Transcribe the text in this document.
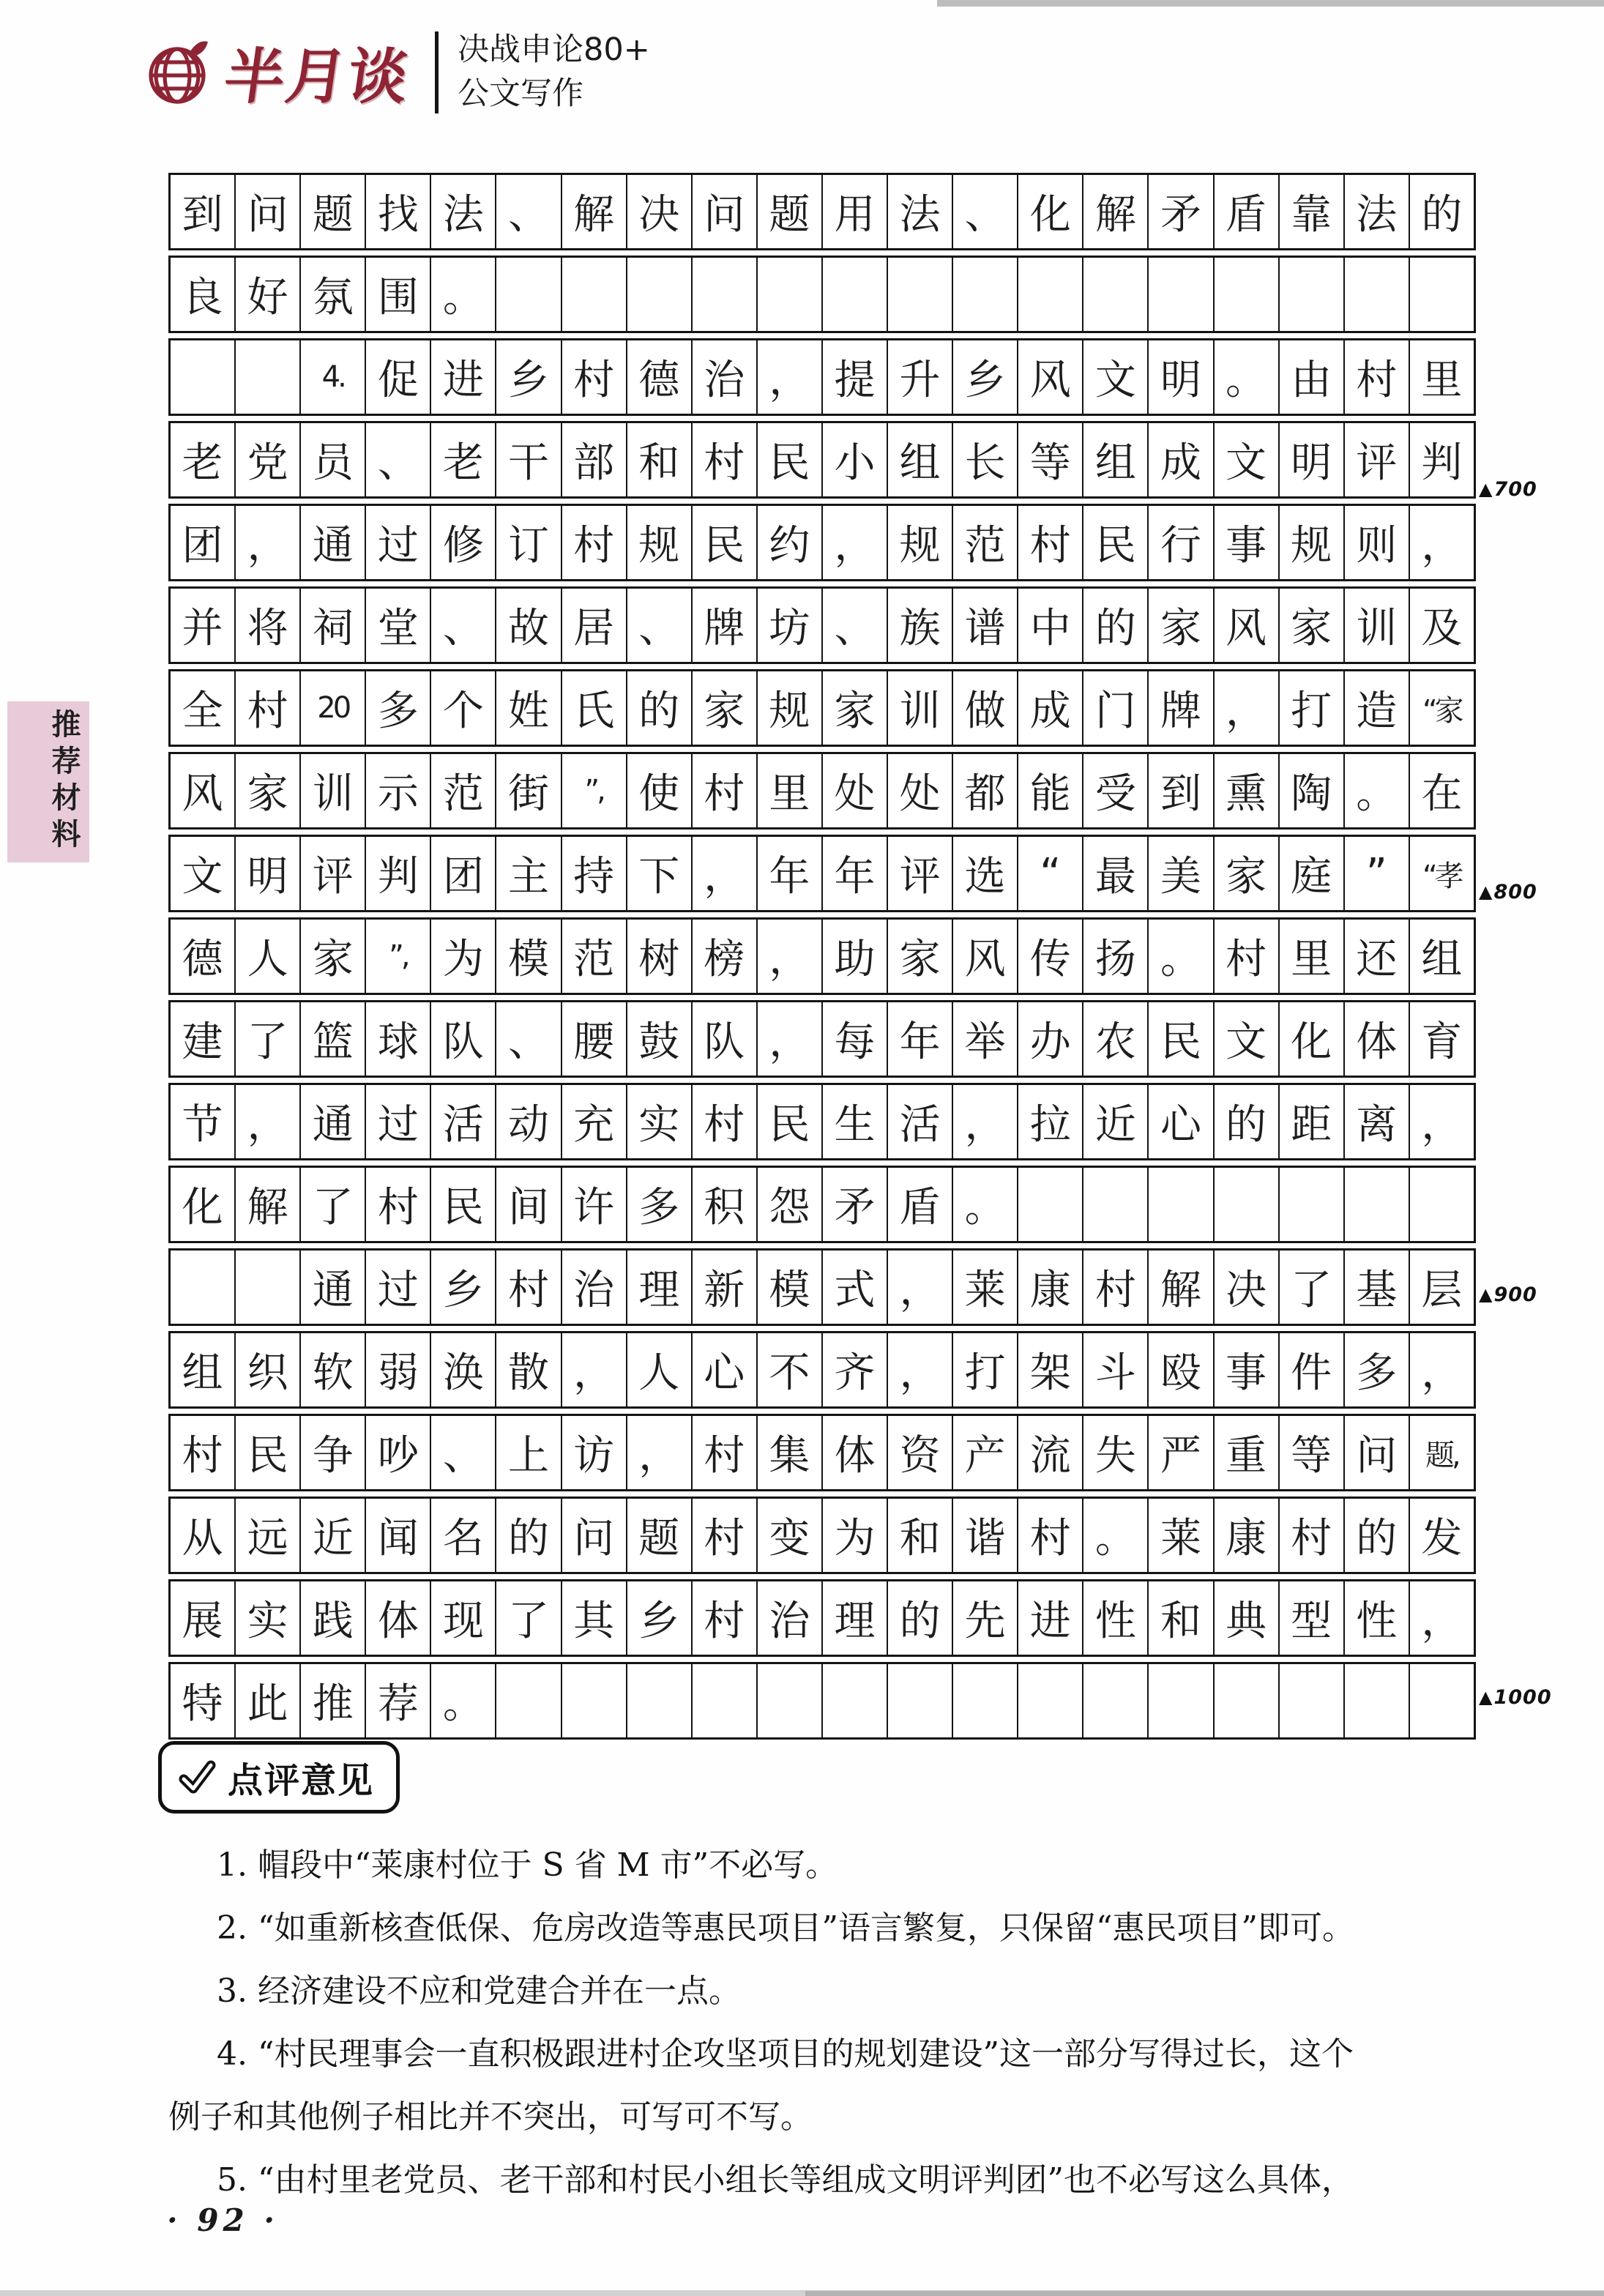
半月谈 决战申论80+
公文写作
推荐材料
到 问 题 找 法 、 解 决 问 题 用 法 、 化 解 矛 盾 靠 法 的
良 好 氛 围 。
4. 促 进 乡 村 德 治 ， 提 升 乡 风 文 明 。 由 村 里
老 党 员 、 老 干 部 和 村 民 小 组 长 等 组 成 文 明 评 判
团 ， 通 过 修 订 村 规 民 约 ， 规 范 村 民 行 事 规 则 ，
并 将 祠 堂 、 故 居 、 牌 坊 、 族 谱 中 的 家 风 家 训 及
全 村 20 多 个 姓 氏 的 家 规 家 训 做 成 门 牌 ， 打 造 “家
风 家 训 示 范 街	”, 使 村 里 处 处 都 能 受 到 熏 陶 。 在
文 明 评 判 团 主 持 下 ， 年 年 评 选 “ 最 美 家 庭 ”	“孝
德 人 家	”, 为 模 范 树 榜 ， 助 家 风 传 扬 。 村 里 还 组
建 了 篮 球 队 、 腰 鼓 队 ， 每 年 举 办 农 民 文 化 体 育
节 ， 通 过 活 动 充 实 村 民 生 活 ， 拉 近 心 的 距 离 ，
化 解 了 村 民 间 许 多 积 怨 矛 盾 。
通 过 乡 村 治 理 新 模 式 ， 莱 康 村 解 决 了 基 层
组 织 软 弱 涣 散 ， 人 心 不 齐 ， 打 架 斗 殴 事 件 多 ，
村 民 争 吵 、 上 访 ， 村 集 体 资 产 流 失 严 重 等 问 题,
从 远 近 闻 名 的 问 题 村 变 为 和 谐 村 。 莱 康 村 的 发
展 实 践 体 现 了 其 乡 村 治 理 的 先 进 性 和 典 型 性 ，
特 此 推 荐 。
▲ 700
▲ 800
▲ 900
▲ 1000
点评意见
1. 帽段中“莱康村位于 S 省 M 市”不必写。
2. “如重新核查低保、危房改造等惠民项目”语言繁复，只保留“惠民项目”即可。
3. 经济建设不应和党建合并在一点。
4. “村民理事会一直积极跟进村企攻坚项目的规划建设”这一部分写得过长，这个
例子和其他例子相比并不突出，可写可不写。
5. “由村里老党员、老干部和村民小组长等组成文明评判团”也不必写这么具体，
· 92 ·
